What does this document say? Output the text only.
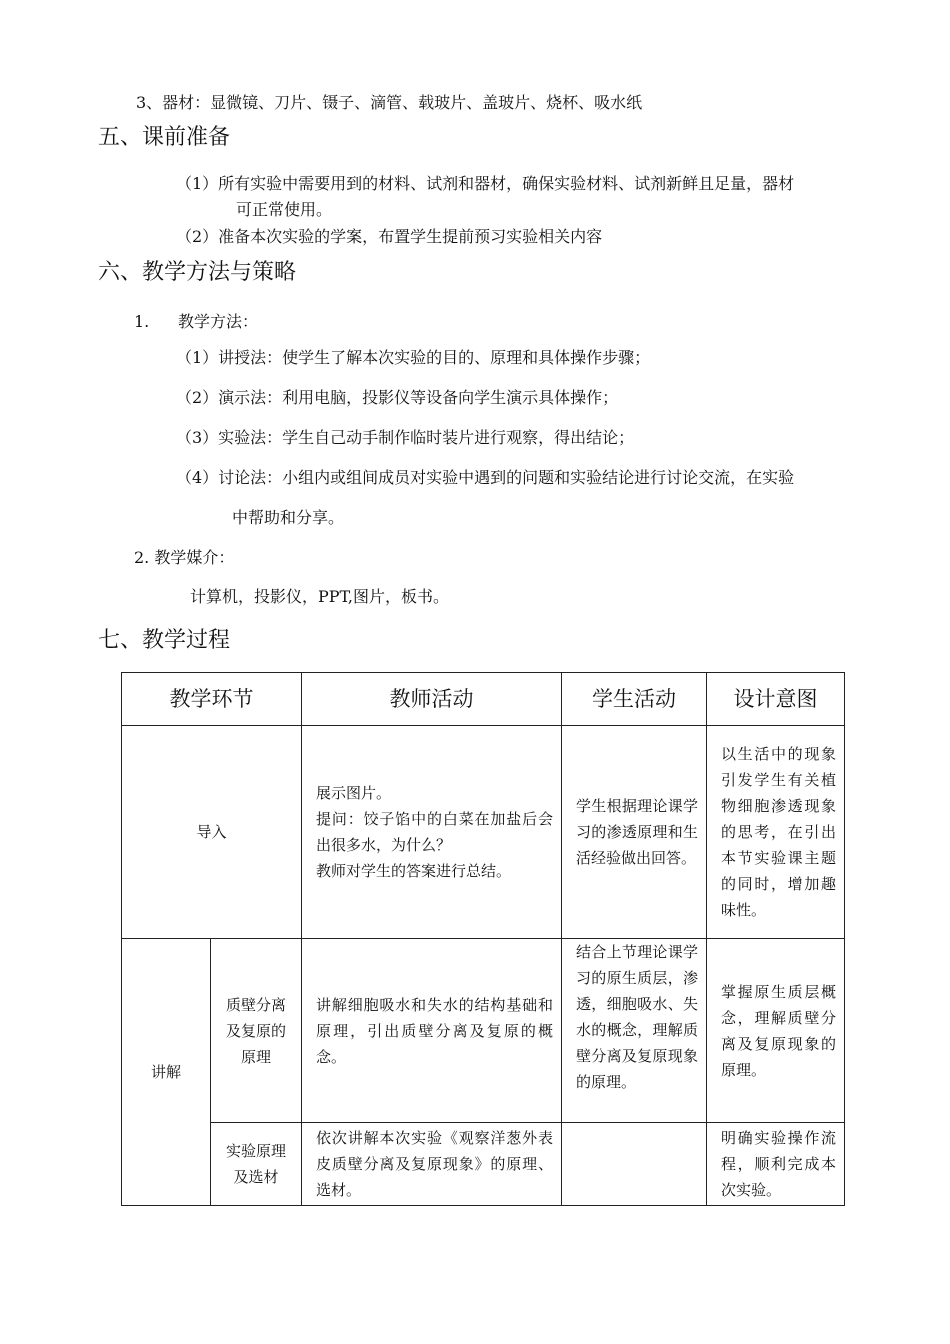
3、器材：显微镜、刀片、镊子、滴管、载玻片、盖玻片、烧杯、吸水纸
五、课前准备
（1）所有实验中需要用到的材料、试剂和器材，确保实验材料、试剂新鲜且足量，器材
可正常使用。
（2）准备本次实验的学案，布置学生提前预习实验相关内容
六、教学方法与策略
1. 教学方法：
（1）讲授法：使学生了解本次实验的目的、原理和具体操作步骤；
（2）演示法：利用电脑，投影仪等设备向学生演示具体操作；
（3）实验法：学生自己动手制作临时装片进行观察，得出结论；
（4）讨论法：小组内或组间成员对实验中遇到的问题和实验结论进行讨论交流，在实验
中帮助和分享。
2. 教学媒介：
计算机，投影仪，PPT,图片，板书。
七、教学过程
教学环节		教师活动	学生活动	设计意图
导入		展示图片。
提问：饺子馅中的白菜在加盐后会出很多水，为什么？
教师对学生的答案进行总结。	学生根据理论课学习的渗透原理和生活经验做出回答。	以生活中的现象引发学生有关植物细胞渗透现象的思考，在引出本节实验课主题的同时，增加趣味性。
讲解	质壁分离及复原的原理	讲解细胞吸水和失水的结构基础和原理，引出质壁分离及复原的概念。	结合上节理论课学习的原生质层，渗透，细胞吸水、失水的概念，理解质壁分离及复原现象的原理。	掌握原生质层概念，理解质壁分离及复原现象的原理。
	实验原理及选材	依次讲解本次实验《观察洋葱外表皮质壁分离及复原现象》的原理、选材。		明确实验操作流程，顺利完成本次实验。
